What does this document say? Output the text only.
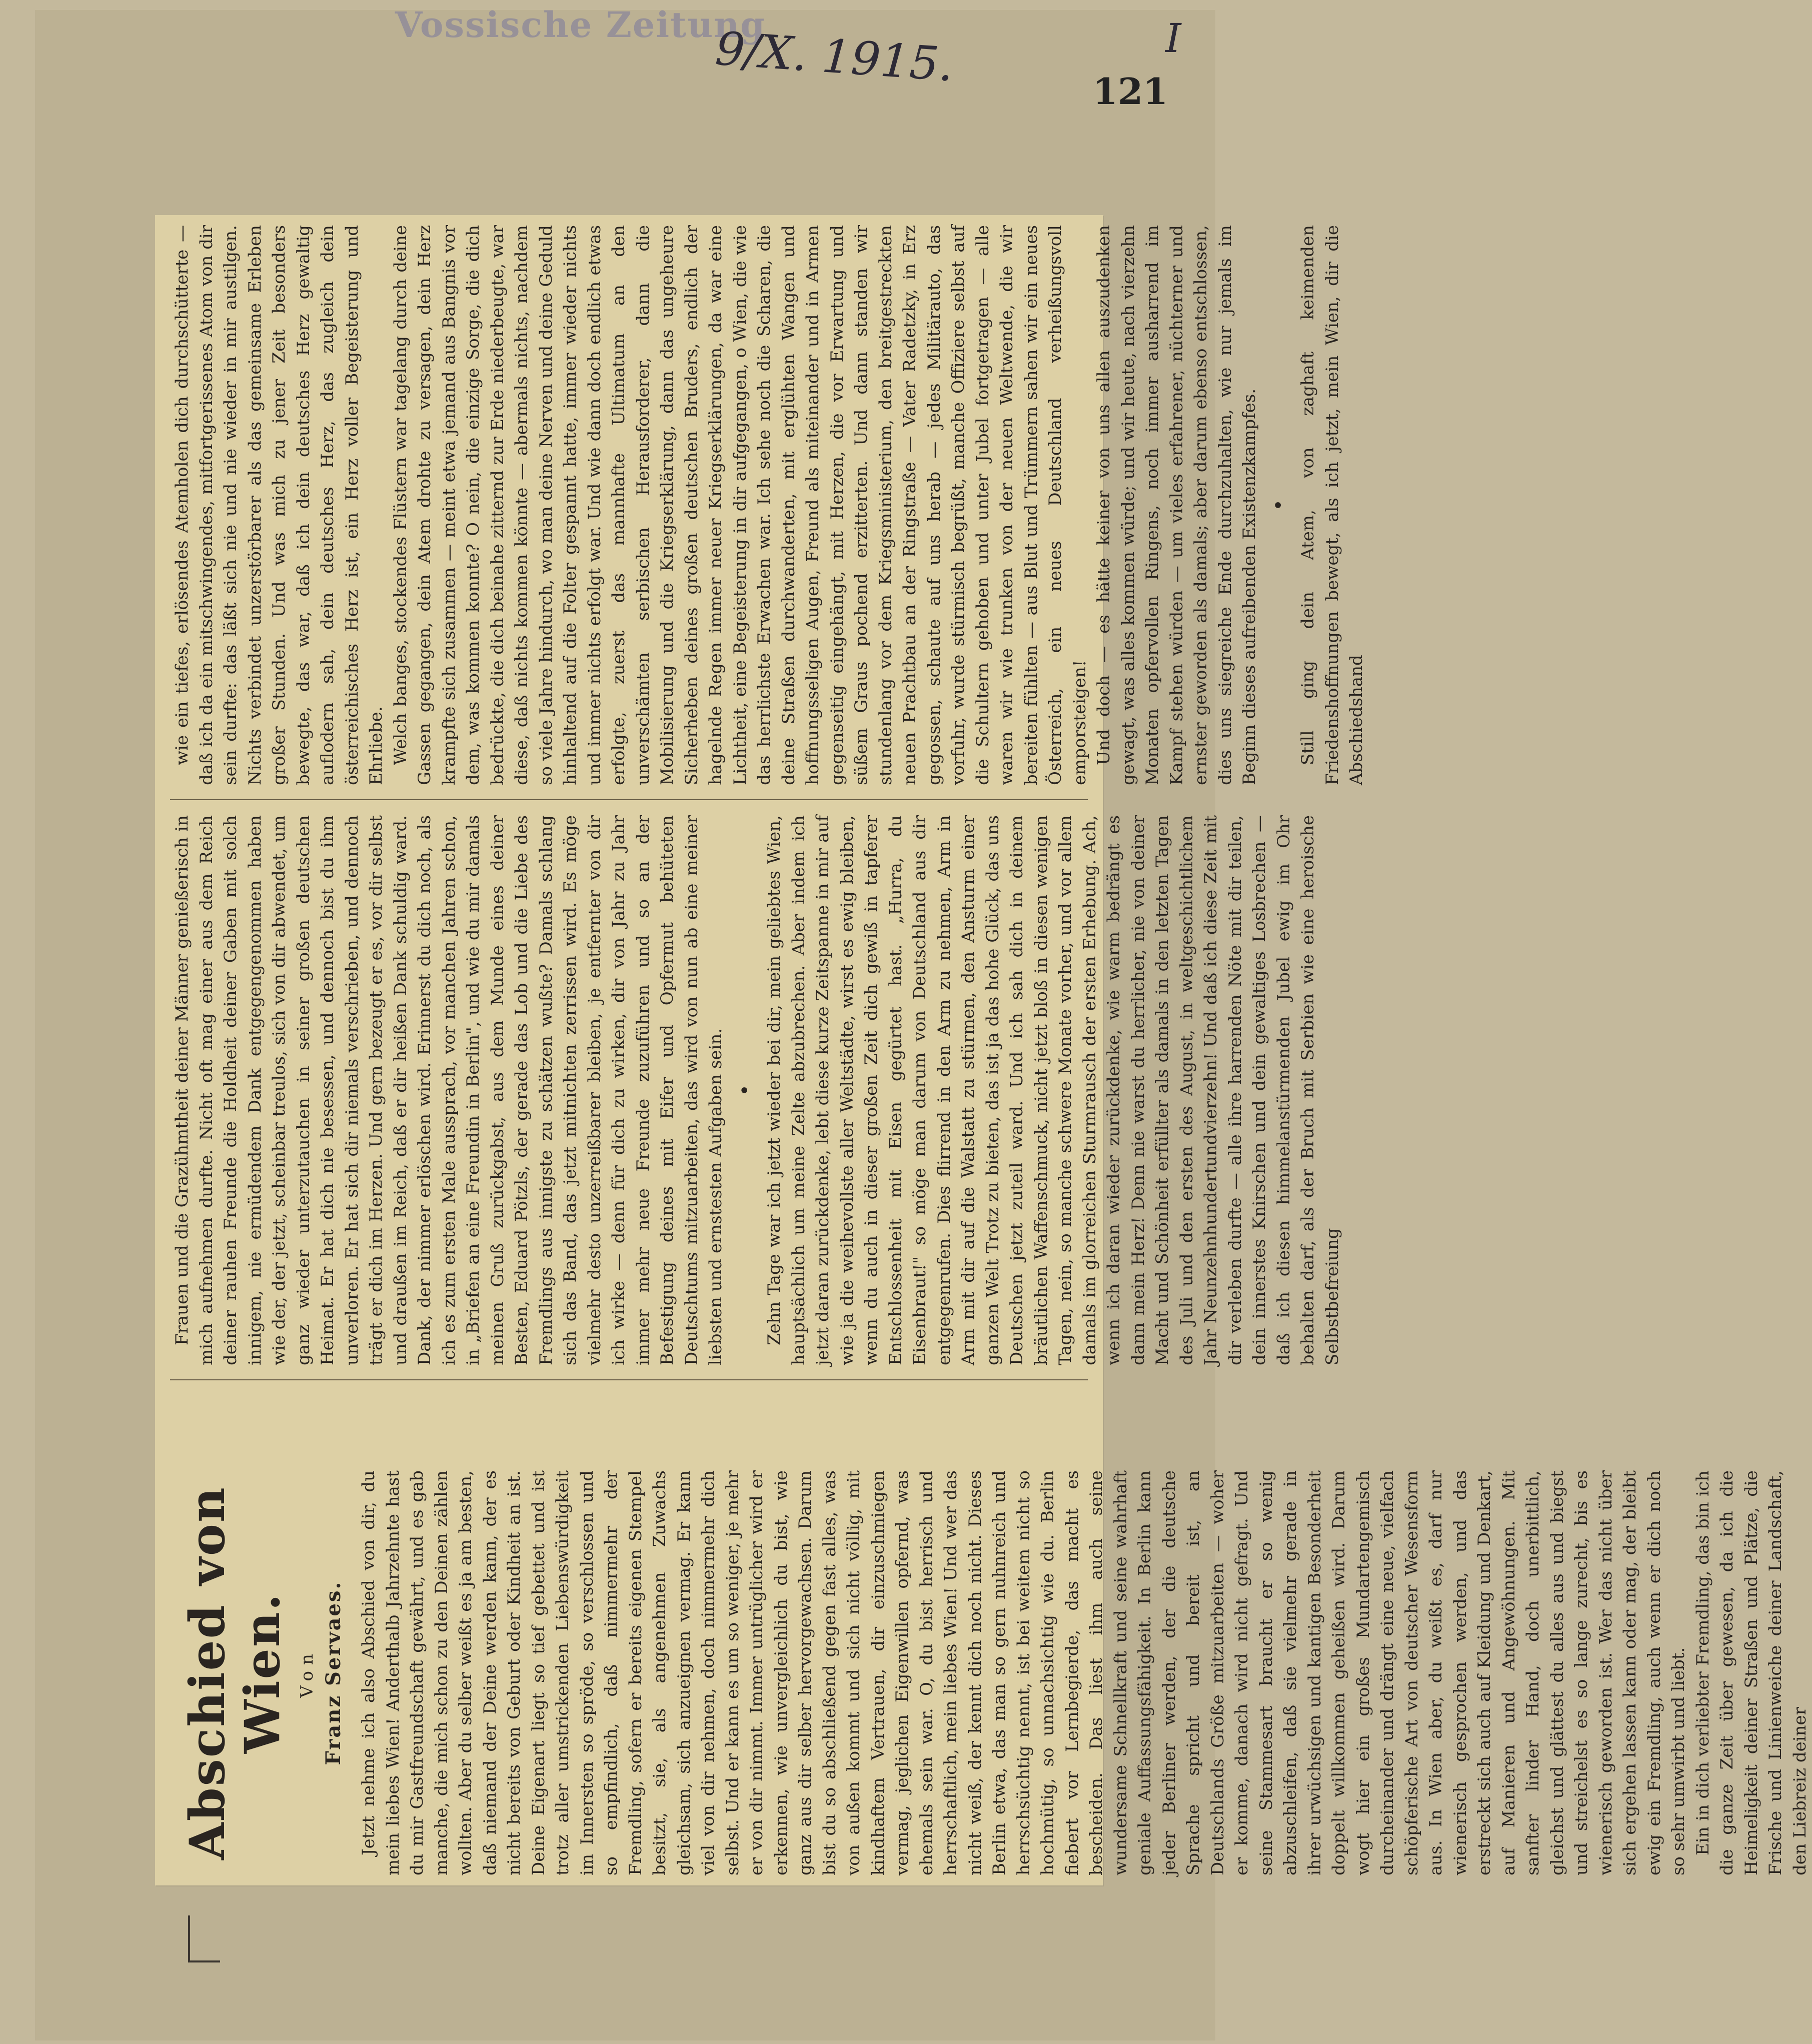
Vossische Zeitung
9/X. 1915.	121
I
Abschied von Wien. Von Franz Servaes. Jetzt nehme ich also Abschied von dir, du mein liebes Wien! Anderthalb Jahrzehnte hast du mir Gastfreundschaft gewährt, und es gab manche, die mich schon zu den Deinen zählen wollten. Aber du selber weißt es ja am besten, daß niemand der Deine werden kann, der es nicht bereits von Geburt oder Kindheit an ist. Deine Eigenart liegt so tief gebettet und ist trotz aller umstrickenden Liebenswürdigkeit im Innersten so spröde, so verschlossen und so empfindlich, daß nimmermehr der Fremdling, sofern er bereits eigenen Stempel besitzt, sie, als angenehmen Zuwachs gleichsam, sich anzueignen vermag. Er kann viel von dir nehmen, doch nimmermehr dich selbst. Und er kann es um so weniger, je mehr er von dir nimmt. Immer untrüglicher wird er erkennen, wie unvergleichlich du bist, wie ganz aus dir selber hervorgewachsen. Darum bist du so abschließend gegen fast alles, was von außen kommt und sich nicht völlig, mit kindhaftem Vertrauen, dir einzuschmiegen vermag, jeglichen Eigenwillen opfernd, was ehemals sein war. O, du bist herrisch und herrschaftlich, mein liebes Wien! Und wer das nicht weiß, der kennt dich noch nicht. Dieses Berlin etwa, das man so gern nuhnreich und herrschsüchtig nennt, ist bei weitem nicht so hochmütig, so unnachsichtig wie du. Berlin fiebert vor Lernbegierde, das macht es bescheiden. Das liest ihm auch seine wundersame Schnellkraft und seine wahrhaft geniale Auffassungsfähigkeit. In Berlin kann jeder Berliner werden, der die deutsche Sprache spricht und bereit ist, an Deutschlands Größe mitzuarbeiten — woher er komme, danach wird nicht gefragt. Und seine Stammesart braucht er so wenig abzuschleifen, daß sie vielmehr gerade in ihrer urwüchsigen und kantigen Besonderheit doppelt willkommen geheißen wird. Darum wogt hier ein großes Mundartengemisch durcheinander und drängt eine neue, vielfach schöpferische Art von deutscher Wesensform aus. In Wien aber, du weißt es, darf nur wienerisch gesprochen werden, und das erstreckt sich auch auf Kleidung und Denkart, auf Manieren und Angewöhnungen. Mit sanfter linder Hand, doch unerbittlich, gleichst und glättest du alles aus und biegst und streichelst es so lange zurecht, bis es wienerisch geworden ist. Wer das nicht über sich ergehen lassen kann oder mag, der bleibt ewig ein Fremdling, auch wenn er dich noch so sehr umwirbt und liebt. Ein in dich verliebter Fremdling, das bin ich die ganze Zeit über gewesen, da ich die Heimeligkeit deiner Straßen und Plätze, die Frische und Linienweiche deiner Landschaft, den Liebreiz deiner

Frauen und die Grazühmtheit deiner Männer genießerisch in mich aufnehmen durfte. Nicht oft mag einer aus dem Reich deiner rauhen Freunde die Holdheit deiner Gaben mit solch innigem, nie ermüdendem Dank entgegengenommen haben wie der, der jetzt, scheinbar treulos, sich von dir abwendet, um ganz wieder unterzutauchen in seiner großen deutschen Heimat. Er hat dich nie besessen, und dennoch bist du ihm unverloren. Er hat sich dir niemals verschrieben, und dennoch trägt er dich im Herzen. Und gern bezeugt er es, vor dir selbst und draußen im Reich, daß er dir heißen Dank schuldig ward. Dank, der nimmer erlöschen wird. Erinnerst du dich noch, als ich es zum ersten Male aussprach, vor manchen Jahren schon, in „Briefen an eine Freundin in Berlin", und wie du mir damals meinen Gruß zurückgabst, aus dem Munde eines deiner Besten, Eduard Pötzls, der gerade das Lob und die Liebe des Fremdlings aus innigste zu schätzen wußte? Damals schlang sich das Band, das jetzt mitnichten zerrissen wird. Es möge vielmehr desto unzerreißbarer bleiben, je entfernter von dir ich wirke — denn für dich zu wirken, dir von Jahr zu Jahr immer mehr neue Freunde zuzuführen und so an der Befestigung deines mit Eifer und Opfermut behüteten Deutschtums mitzuarbeiten, das wird von nun ab eine meiner liebsten und ernstesten Aufgaben sein. • Zehn Tage war ich jetzt wieder bei dir, mein geliebtes Wien, hauptsächlich um meine Zelte abzubrechen. Aber indem ich jetzt daran zurückdenke, lebt diese kurze Zeitspanne in mir auf wie ja die weihevollste aller Weltstädte, wirst es ewig bleiben, wenn du auch in dieser großen Zeit dich gewiß in tapferer Entschlossenheit mit Eisen gegürtet hast. „Hurra, du Eisenbraut!" so möge man darum von Deutschland aus dir entgegenrufen. Dies flirrend in den Arm zu nehmen, Arm in Arm mit dir auf die Walstatt zu stürmen, den Ansturm einer ganzen Welt Trotz zu bieten, das ist ja das hohe Glück, das uns Deutschen jetzt zuteil ward. Und ich sah dich in deinem bräutlichen Waffenschmuck, nicht jetzt bloß in diesen wenigen Tagen, nein, so manche schwere Monate vorher, und vor allem damals im glorreichen Sturmrausch der ersten Erhebung. Ach, wenn ich daran wieder zurückdenke, wie warm bedrängt es dann mein Herz! Denn nie warst du herrlicher, nie von deiner Macht und Schönheit erfüllter als damals in den letzten Tagen des Juli und den ersten des August, in weltgeschichtlichem Jahr Neunzehnhundertundvierzehn! Und daß ich diese Zeit mit dir verleben durfte — alle ihre harrenden Nöte mit dir teilen, dein innerstes Knirschen und dein gewaltiges Losbrechen — daß ich diesen himmelanstürmenden Jubel ewig im Ohr behalten darf, als der Bruch mit Serbien wie eine heroische Selbstbefreiung

wie ein tiefes, erlösendes Atemholen dich durchschütterte — daß ich da ein mitschwingendes, mitfortgerissenes Atom von dir sein durfte: das läßt sich nie und nie wieder in mir austilgen. Nichts verbindet unzerstörbarer als das gemeinsame Erleben großer Stunden. Und was mich zu jener Zeit besonders bewegte, das war, daß ich dein deutsches Herz gewaltig auflodern sah, dein deutsches Herz, das zugleich dein österreichisches Herz ist, ein Herz voller Begeisterung und Ehrliebe. Welch banges, stockendes Flüstern war tagelang durch deine Gassen gegangen, dein Atem drohte zu versagen, dein Herz krampfte sich zusammen — meint etwa jemand aus Bangnis vor dem, was kommen konnte? O nein, die einzige Sorge, die dich bedrückte, die dich beinahe zitternd zur Erde niederbeugte, war diese, daß nichts kommen könnte — abermals nichts, nachdem so viele Jahre hindurch, wo man deine Nerven und deine Geduld hinhaltend auf die Folter gespannt hatte, immer wieder nichts und immer nichts erfolgt war. Und wie dann doch endlich etwas erfolgte, zuerst das mannhafte Ultimatum an den unverschämten serbischen Herausforderer, dann die Mobilisierung und die Kriegserklärung, dann das ungeheure Sicherheben deines großen deutschen Bruders, endlich der hagelnde Regen immer neuer Kriegserklärungen, da war eine Lichtheit, eine Begeisterung in dir aufgegangen, o Wien, die wie das herrlichste Erwachen war. Ich sehe noch die Scharen, die deine Straßen durchwanderten, mit erglühten Wangen und hoffnungsseligen Augen, Freund als miteinander und in Armen gegenseitig eingehängt, mit Herzen, die vor Erwartung und süßem Graus pochend erzitterten. Und dann standen wir stundenlang vor dem Kriegsministerium, den breitgestreckten neuen Prachtbau an der Ringstraße — Vater Radetzky, in Erz gegossen, schaute auf uns herab — jedes Militärauto, das vorfuhr, wurde stürmisch begrüßt, manche Offiziere selbst auf die Schultern gehoben und unter Jubel fortgetragen — alle waren wir wie trunken von der neuen Weltwende, die wir bereiten fühlten — aus Blut und Trümmern sahen wir ein neues Österreich, ein neues Deutschland verheißungsvoll emporsteigen! Und doch — es hätte keiner von uns allen auszudenken gewagt, was alles kommen würde; und wir heute, nach vierzehn Monaten opfervollen Ringens, noch immer ausharrend im Kampf stehen würden — um vieles erfahrener, nüchterner und ernster geworden als damals; aber darum ebenso entschlossen, dies uns siegreiche Ende durchzuhalten, wie nur jemals im Beginn dieses aufreibenden Existenzkampfes. • Still ging dein Atem, von zaghaft keimenden Friedenshoffnungen bewegt, als ich jetzt, mein Wien, dir die Abschiedshand
